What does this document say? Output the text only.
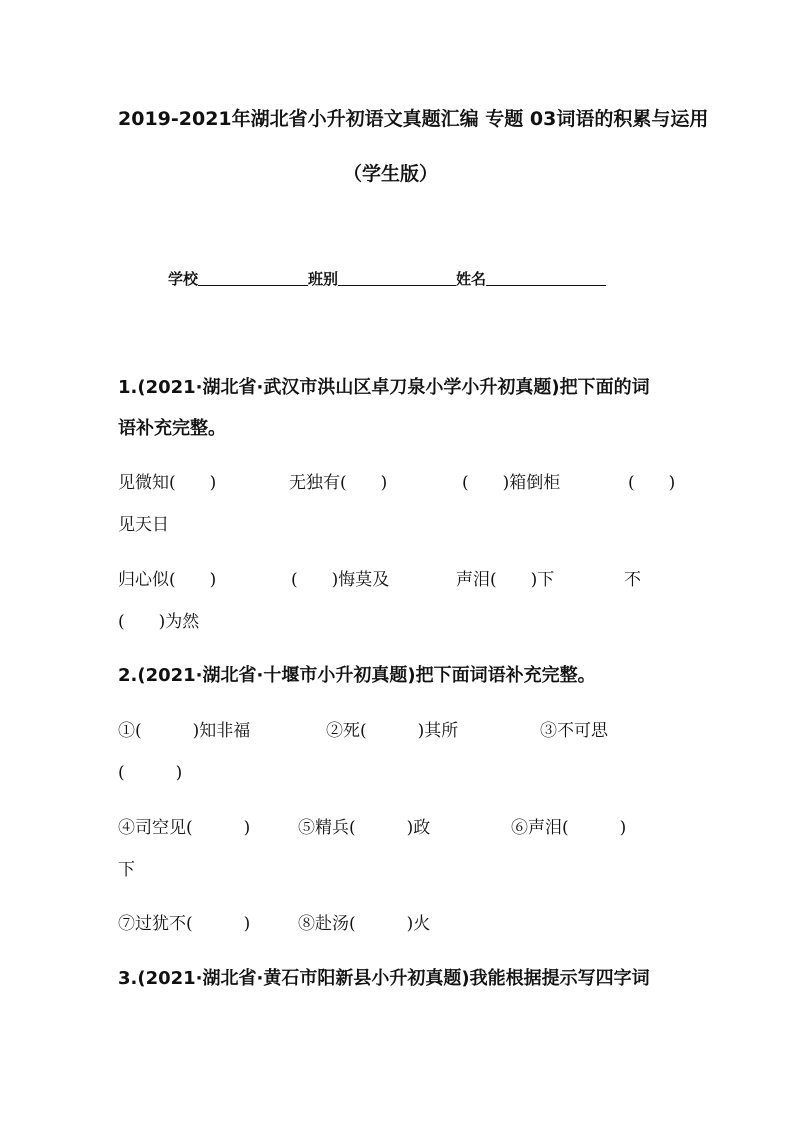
2019-2021年湖北省小升初语文真题汇编 专题 03词语的积累与运用
（学生版）
学校	班别	姓名
1.(2021·湖北省·武汉市洪山区卓刀泉小学小升初真题)把下面的词
语补充完整。
见微知(　　)	无独有(　　)	(　　)箱倒柜	(　　)
见天日
归心似(　　)	(　　)悔莫及	声泪(　　)下	不
(　　)为然
2.(2021·湖北省·十堰市小升初真题)把下面词语补充完整。
①(　　　)知非福	②死(　　　)其所	③不可思
(　　　)
④司空见(　　　)	⑤精兵(　　　)政	⑥声泪(　　　)
下
⑦过犹不(　　　)	⑧赴汤(　　　)火
3.(2021·湖北省·黄石市阳新县小升初真题)我能根据提示写四字词
